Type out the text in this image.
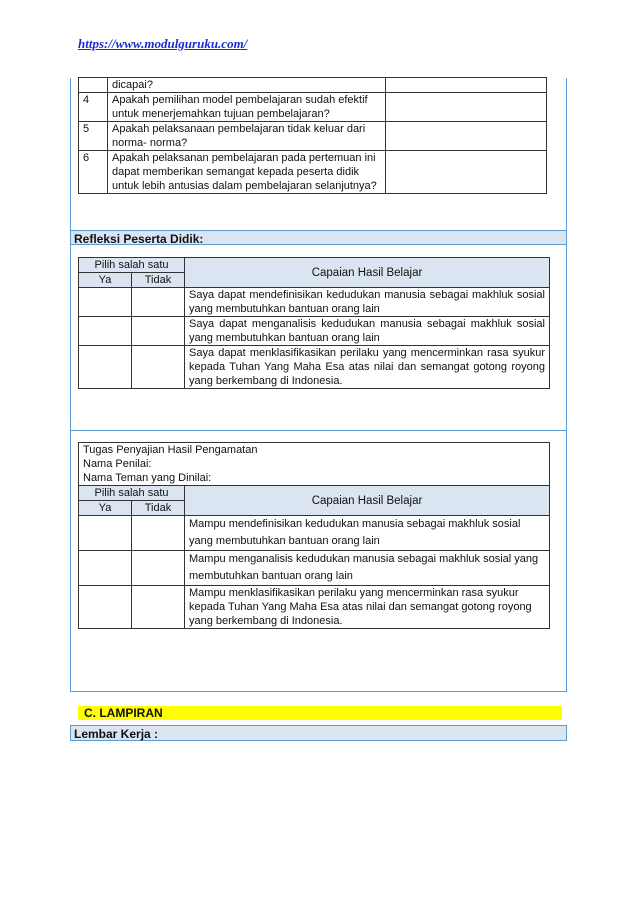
https://www.modulguruku.com/
	dicapai?	
4	Apakah pemilihan model pembelajaran sudah efektif untuk menerjemahkan tujuan pembelajaran?	
5	Apakah pelaksanaan pembelajaran tidak keluar dari norma- norma?	
6	Apakah pelaksanan pembelajaran pada pertemuan ini dapat memberikan semangat kepada peserta didik untuk lebih antusias dalam pembelajaran selanjutnya?	
Refleksi Peserta Didik:
Pilih salah satu		Capaian Hasil Belajar
Ya	Tidak	
		Saya dapat mendefinisikan kedudukan manusia sebagai makhluk sosial yang membutuhkan bantuan orang lain
		Saya dapat menganalisis kedudukan manusia sebagai makhluk sosial yang membutuhkan bantuan orang lain
		Saya dapat menklasifikasikan perilaku yang mencerminkan rasa syukur kepada Tuhan Yang Maha Esa atas nilai dan semangat gotong royong yang berkembang di Indonesia.
Tugas Penyajian Hasil Pengamatan
Nama Penilai:
Nama Teman yang Dinilai:		

Pilih salah satu		Capaian Hasil Belajar
Ya	Tidak	
		Mampu mendefinisikan kedudukan manusia sebagai makhluk sosial yang membutuhkan bantuan orang lain
		Mampu menganalisis kedudukan manusia sebagai makhluk sosial yang membutuhkan bantuan orang lain
		Mampu menklasifikasikan perilaku yang mencerminkan rasa syukur kepada Tuhan Yang Maha Esa atas nilai dan semangat gotong royong yang berkembang di Indonesia.
C. LAMPIRAN
Lembar Kerja :
